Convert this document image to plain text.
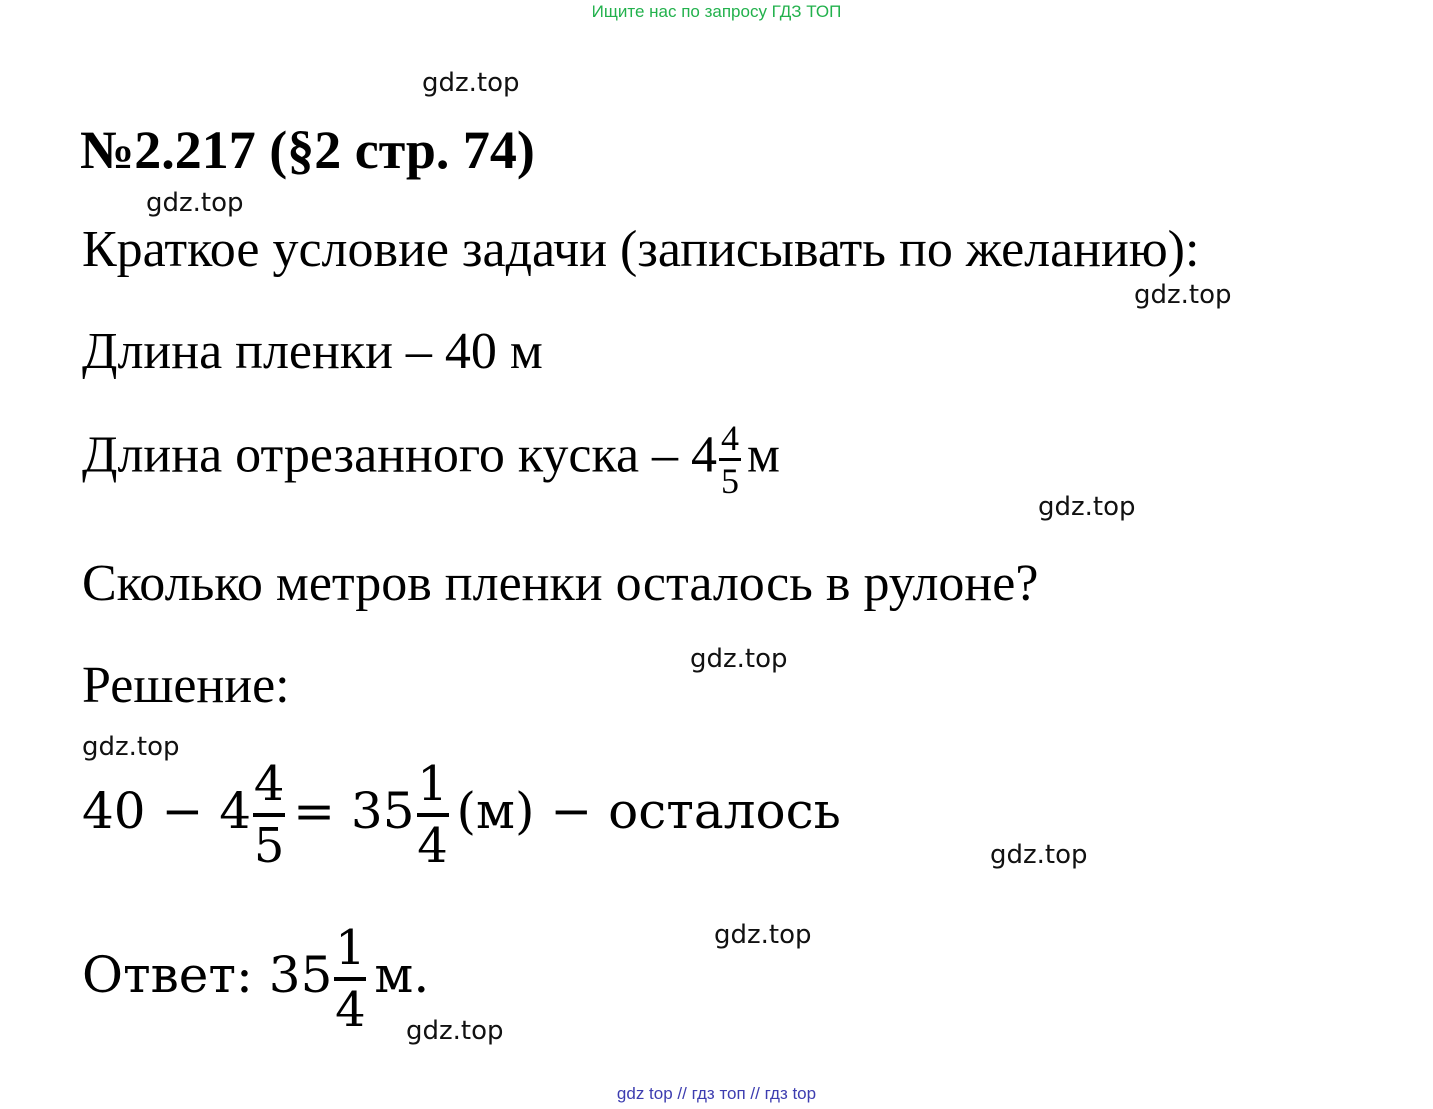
Ищите нас по запросу ГДЗ ТОП
gdz.top
gdz.top
gdz.top
gdz.top
gdz.top
gdz.top
gdz.top
gdz.top
gdz.top
№2.217 (§2 стр. 74)
Краткое условие задачи (записывать по желанию):
Длина пленки – 40 м
Длина отрезанного куска – $4 \frac{4}{5}$ м
Сколько метров пленки осталось в рулоне?
Решение:
$40 - 4 \frac{4}{5} = 35 \frac{1}{4} (м)$ − осталось
Ответ: $35 \frac{1}{4} м$.
gdz top // гдз топ // гдз top
